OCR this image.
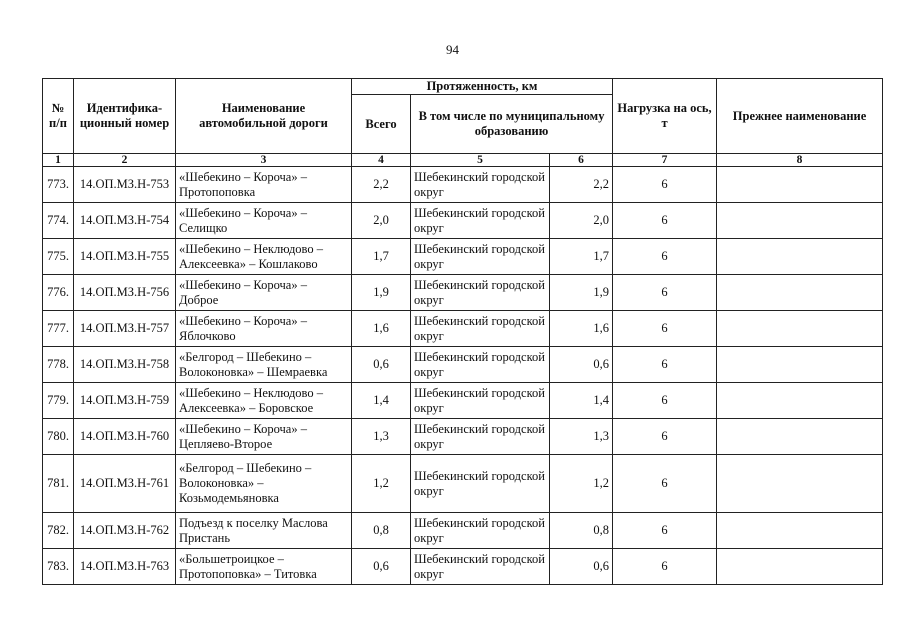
94
№ п/п	Идентифика-ционный номер	Наименование автомобильной дороги	Протяженность, км			Нагрузка на ось, т	Прежнее наименование
			Всего	В том числе по муниципальному образованию			
1	2	3	4	5	6	7	8
773.	14.ОП.МЗ.Н-753	«Шебекино – Короча» – Протопоповка	2,2	Шебекинский городской округ	2,2	6	
774.	14.ОП.МЗ.Н-754	«Шебекино – Короча» – Селищко	2,0	Шебекинский городской округ	2,0	6	
775.	14.ОП.МЗ.Н-755	«Шебекино – Неклюдово – Алексеевка» – Кошлаково	1,7	Шебекинский городской округ	1,7	6	
776.	14.ОП.МЗ.Н-756	«Шебекино – Короча» – Доброе	1,9	Шебекинский городской округ	1,9	6	
777.	14.ОП.МЗ.Н-757	«Шебекино – Короча» – Яблочково	1,6	Шебекинский городской округ	1,6	6	
778.	14.ОП.МЗ.Н-758	«Белгород – Шебекино – Волоконовка» – Шемраевка	0,6	Шебекинский городской округ	0,6	6	
779.	14.ОП.МЗ.Н-759	«Шебекино – Неклюдово – Алексеевка» – Боровское	1,4	Шебекинский городской округ	1,4	6	
780.	14.ОП.МЗ.Н-760	«Шебекино – Короча» – Цепляево-Второе	1,3	Шебекинский городской округ	1,3	6	
781.	14.ОП.МЗ.Н-761	«Белгород – Шебекино – Волоконовка» – Козьмодемьяновка	1,2	Шебекинский городской округ	1,2	6	
782.	14.ОП.МЗ.Н-762	Подъезд к поселку Маслова Пристань	0,8	Шебекинский городской округ	0,8	6	
783.	14.ОП.МЗ.Н-763	«Большетроицкое – Протопоповка» – Титовка	0,6	Шебекинский городской округ	0,6	6	
